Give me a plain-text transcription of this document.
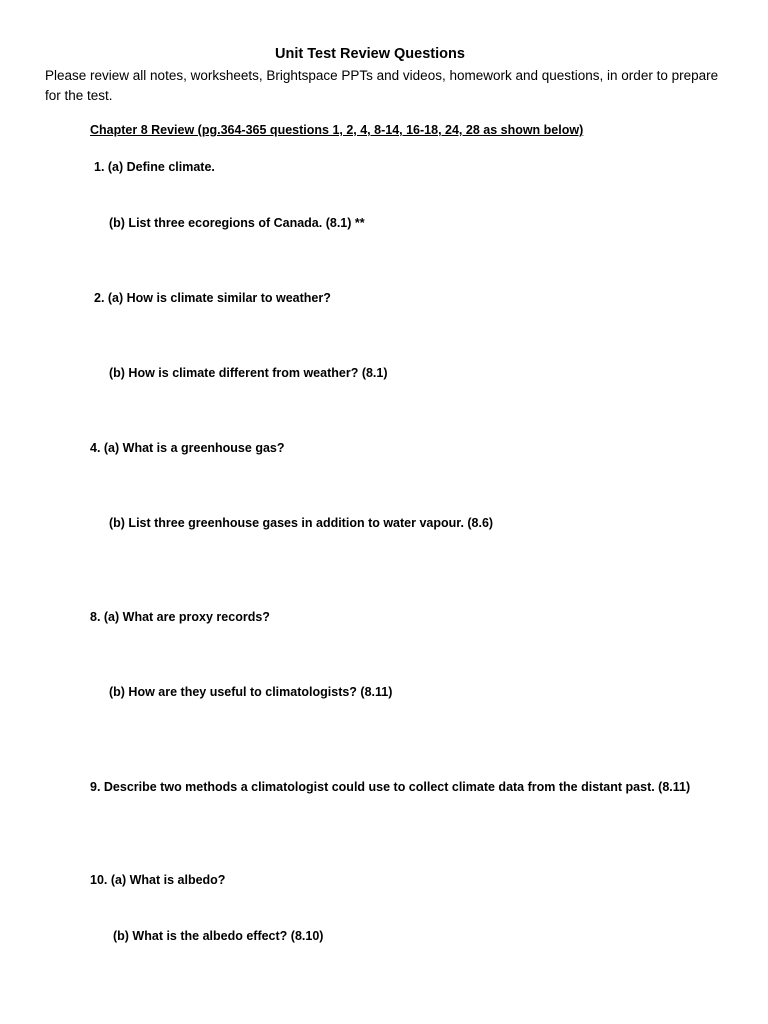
Unit Test Review Questions
Please review all notes, worksheets, Brightspace PPTs and videos, homework and questions, in order to prepare for the test.
Chapter 8 Review (pg.364-365 questions 1, 2, 4, 8-14, 16-18, 24, 28 as shown below)
1. (a) Define climate.
(b) List three ecoregions of Canada. (8.1) **
2. (a) How is climate similar to weather?
(b) How is climate different from weather? (8.1)
4. (a) What is a greenhouse gas?
(b) List three greenhouse gases in addition to water vapour. (8.6)
8. (a) What are proxy records?
(b) How are they useful to climatologists? (8.11)
9. Describe two methods a climatologist could use to collect climate data from the distant past. (8.11)
10. (a) What is albedo?
(b) What is the albedo effect? (8.10)
